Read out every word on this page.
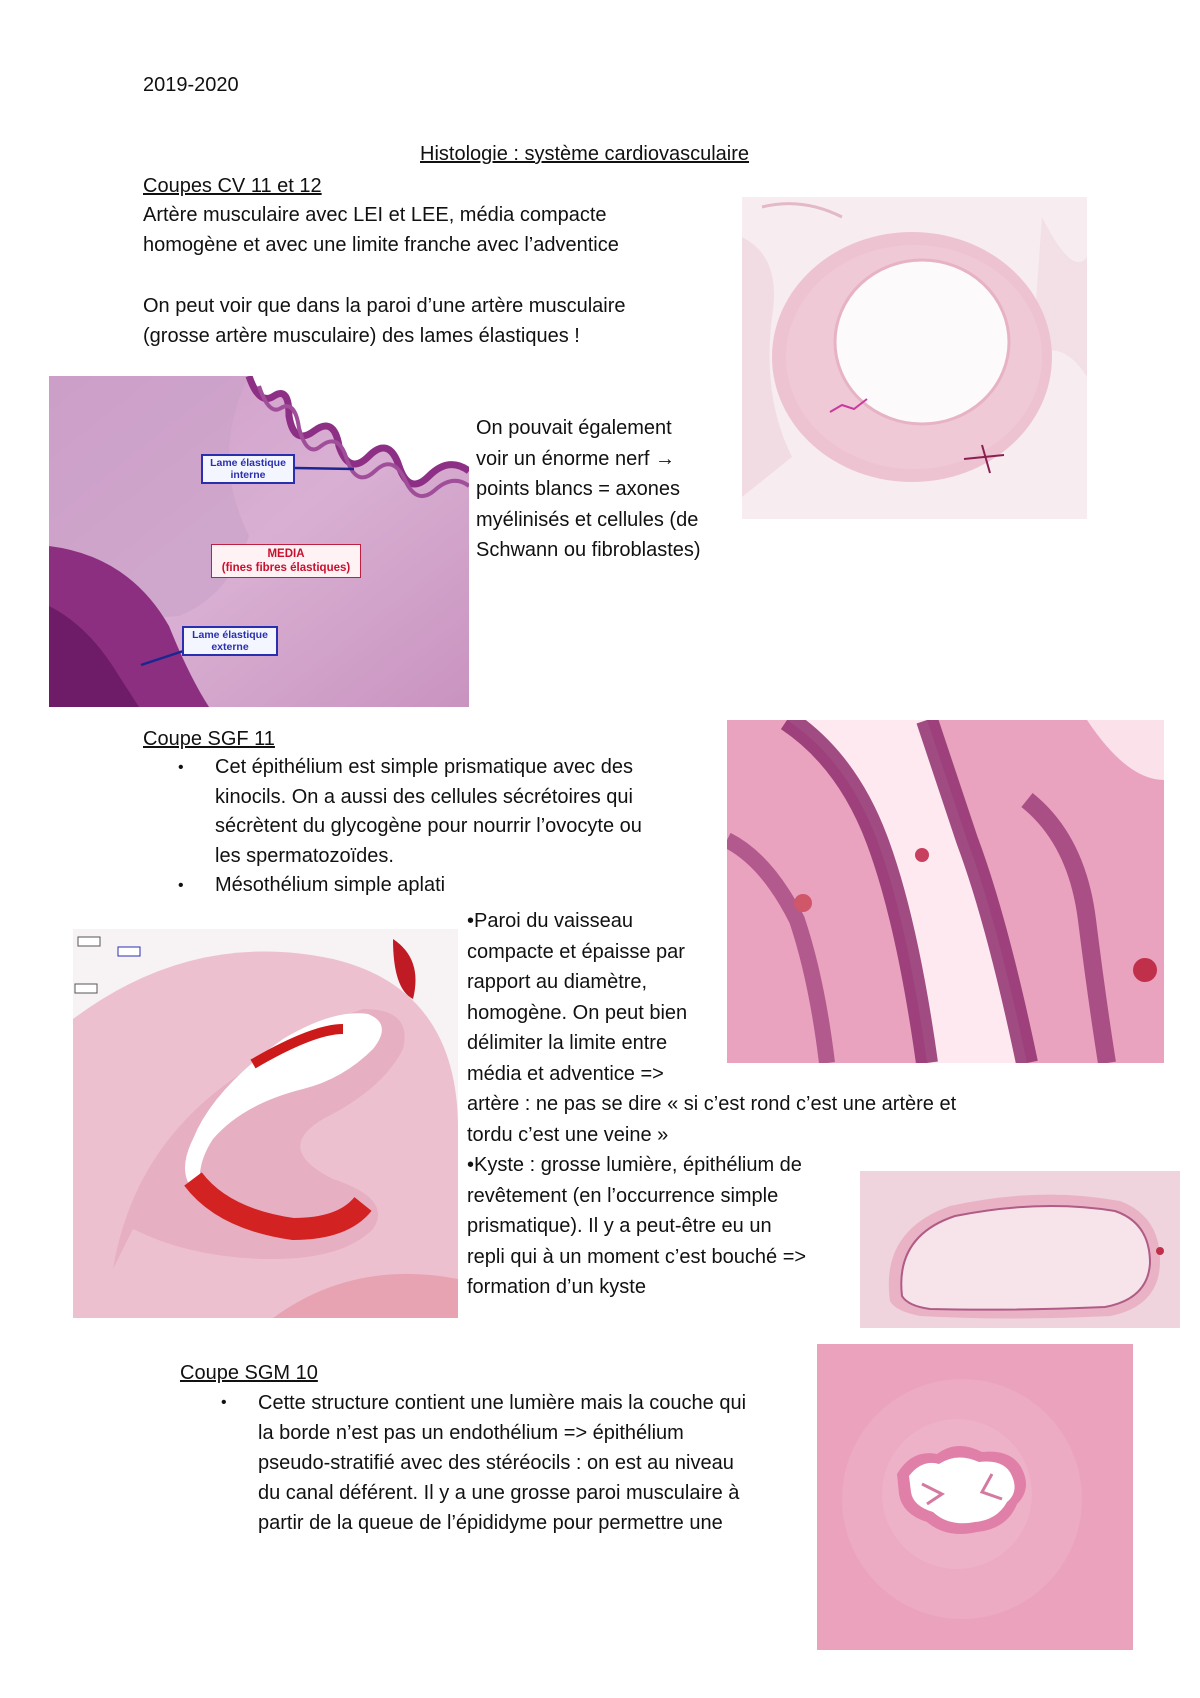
2019-2020
Histologie : système cardiovasculaire
Coupes CV 11 et 12
Artère musculaire avec LEI et LEE, média compacte
homogène et avec une limite franche avec l’adventice
On peut voir que dans la paroi d’une artère musculaire
(grosse artère musculaire) des lames élastiques !
Lame élastique
interne
MEDIA
(fines fibres élastiques)
Lame élastique
externe
On pouvait également
voir un énorme nerf →
points blancs = axones
myélinisés et cellules (de
Schwann ou fibroblastes)
Coupe SGF 11
• Cet épithélium est simple prismatique avec des
kinocils. On a aussi des cellules sécrétoires qui
sécrètent du glycogène pour nourrir l’ovocyte ou
les spermatozoïdes.
• Mésothélium simple aplati
•Paroi du vaisseau
compacte et épaisse par
rapport au diamètre,
homogène. On peut bien
délimiter la limite entre
média et adventice =>
artère : ne pas se dire « si c’est rond c’est une artère et
tordu c’est une veine »
•Kyste : grosse lumière, épithélium de
revêtement (en l’occurrence simple
prismatique). Il y a peut-être eu un
repli qui à un moment c’est bouché =>
formation d’un kyste
Coupe SGM 10
• Cette structure contient une lumière mais la couche qui
la borde n’est pas un endothélium => épithélium
pseudo-stratifié avec des stéréocils : on est au niveau
du canal déférent. Il y a une grosse paroi musculaire à
partir de la queue de l’épididyme pour permettre une
